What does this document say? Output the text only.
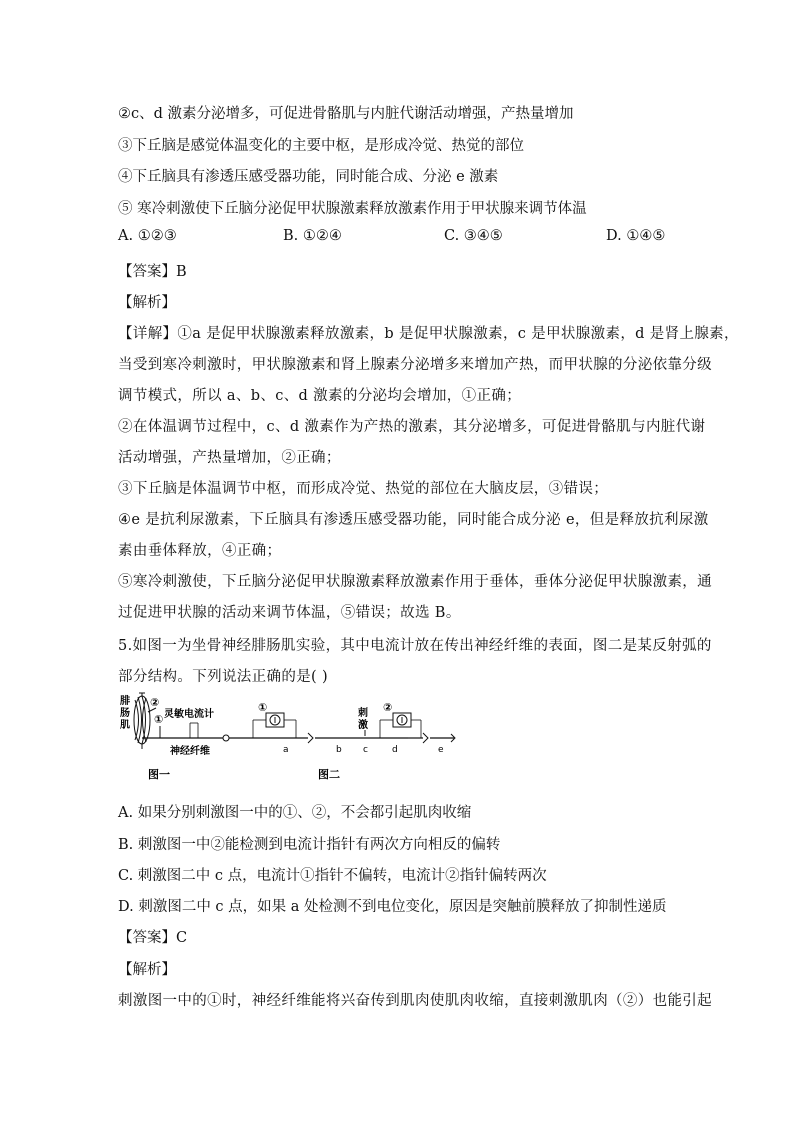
②c、d 激素分泌增多，可促进骨骼肌与内脏代谢活动增强，产热量增加
③下丘脑是感觉体温变化的主要中枢，是形成冷觉、热觉的部位
④下丘脑具有渗透压感受器功能，同时能合成、分泌 e 激素
⑤ 寒冷刺激使下丘脑分泌促甲状腺激素释放激素作用于甲状腺来调节体温
A. ①②③	B. ①②④	C. ③④⑤	D. ①④⑤
【答案】B
【解析】
【详解】①a 是促甲状腺激素释放激素，b 是促甲状腺激素，c 是甲状腺激素，d 是肾上腺素，
当受到寒冷刺激时，甲状腺激素和肾上腺素分泌增多来增加产热，而甲状腺的分泌依靠分级
调节模式，所以 a、b、c、d 激素的分泌均会增加，①正确；
②在体温调节过程中，c、d 激素作为产热的激素，其分泌增多，可促进骨骼肌与内脏代谢
活动增强，产热量增加，②正确；
③下丘脑是体温调节中枢，而形成冷觉、热觉的部位在大脑皮层，③错误；
④e 是抗利尿激素，下丘脑具有渗透压感受器功能，同时能合成分泌 e，但是释放抗利尿激
素由垂体释放，④正确；
⑤寒冷刺激使，下丘脑分泌促甲状腺激素释放激素作用于垂体，垂体分泌促甲状腺激素，通
过促进甲状腺的活动来调节体温，⑤错误；故选 B。
5.如图一为坐骨神经腓肠肌实验，其中电流计放在传出神经纤维的表面，图二是某反射弧的
部分结构。下列说法正确的是( )
腓
肠
肌
②
① 灵敏电流计
神经纤维
图一
①
a	b c	d
刺
激
②
e
图二
A. 如果分别刺激图一中的①、②，不会都引起肌肉收缩
B. 刺激图一中②能检测到电流计指针有两次方向相反的偏转
C. 刺激图二中 c 点，电流计①指针不偏转，电流计②指针偏转两次
D. 刺激图二中 c 点，如果 a 处检测不到电位变化，原因是突触前膜释放了抑制性递质
【答案】C
【解析】
刺激图一中的①时，神经纤维能将兴奋传到肌肉使肌肉收缩，直接刺激肌肉（②）也能引起
